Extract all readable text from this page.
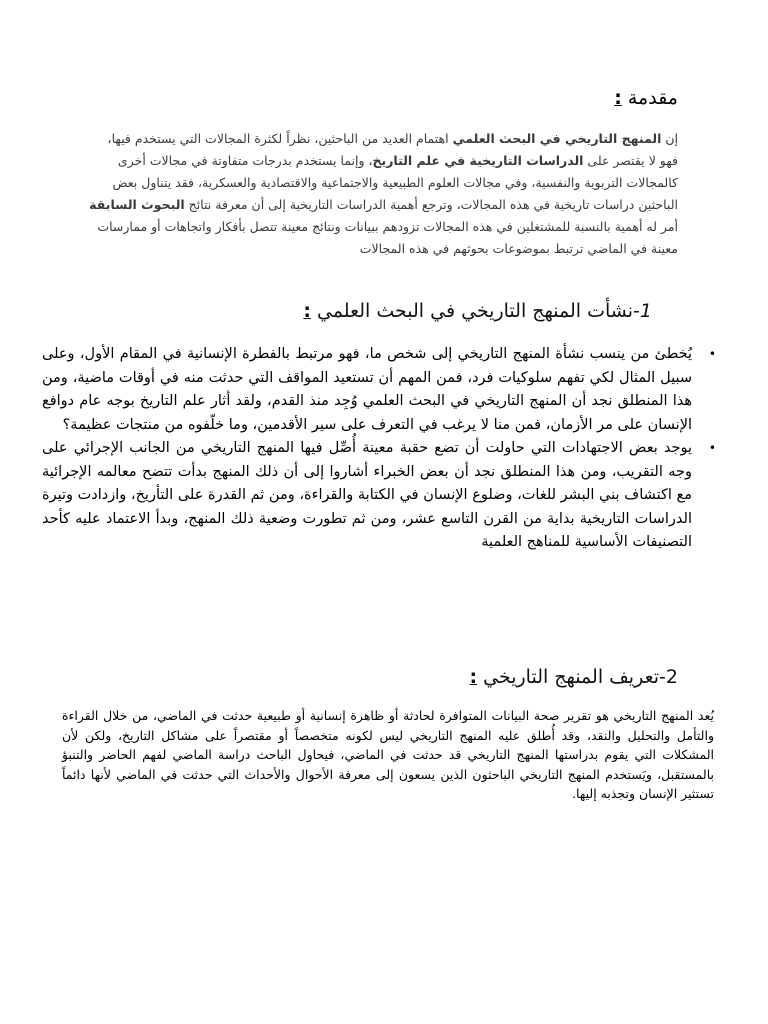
مقدمة :
إن المنهج التاريخي في البحث العلمي اهتمام العديد من الباحثين، نظراً لكثرة المجالات التي يستخدم فيها، فهو لا يقتصر على الدراسات التاريخية في علم التاريخ، وإنما يستخدم بدرجات متفاوتة في مجالات أخرى كالمجالات التربوية والنفسية، وفي مجالات العلوم الطبيعية والاجتماعية والاقتصادية والعسكرية، فقد يتناول بعض الباحثين دراسات تاريخية في هذه المجالات، وترجع أهمية الدراسات التاريخية إلى أن معرفة نتائج البحوث السابقة أمر له أهمية بالنسبة للمشتغلين في هذه المجالات تزودهم ببيانات ونتائج معينة تتصل بأفكار واتجاهات أو ممارسات معينة في الماضي ترتبط بموضوعات بحوثهم في هذه المجالات
1-نشأت المنهج التاريخي في البحث العلمي :
•
يُخطئ من ينسب نشأة المنهج التاريخي إلى شخص ما، فهو مرتبط بالفطرة الإنسانية في المقام الأول، وعلى سبيل المثال لكي تفهم سلوكيات فرد، فمن المهم أن تستعيد المواقف التي حدثت منه في أوقات ماضية، ومن هذا المنطلق نجد أن المنهج التاريخي في البحث العلمي وُجِد منذ القدم، ولقد أثار علم التاريخ بوجه عام دوافع الإنسان على مر الأزمان، فمن منا لا يرغب في التعرف على سير الأقدمين، وما خلّفوه من منتجات عظيمة؟
•
يوجد بعض الاجتهادات التي حاولت أن تضع حقبة معينة أُصِّل فيها المنهج التاريخي من الجانب الإجرائي على وجه التقريب، ومن هذا المنطلق نجد أن بعض الخبراء أشاروا إلى أن ذلك المنهج بدأت تتضح معالمه الإجرائية مع اكتشاف بني البشر للغات، وضلوع الإنسان في الكتابة والقراءة، ومن ثم القدرة على التأريخ، وازدادت وتيرة الدراسات التاريخية بداية من القرن التاسع عشر، ومن ثم تطورت وضعية ذلك المنهج، وبدأ الاعتماد عليه كأحد التصنيفات الأساسية للمناهج العلمية
2-تعريف المنهج التاريخي :
يُعد المنهج التاريخي هو تقرير صحة البيانات المتوافرة لحادثة أو ظاهرة إنسانية أو طبيعية حدثت في الماضي، من خلال القراءة والتأمل والتحليل والنقد، وقد أُطلق عليه المنهج التاريخي ليس لكونه متخصصاً أو مقتصراً على مشاكل التاريخ، ولكن لأن المشكلات التي يقوم بدراستها المنهج التاريخي قد حدثت في الماضي، فيحاول الباحث دراسة الماضي لفهم الحاضر والتنبؤ بالمستقبل، ويَستخدم المنهج التاريخي الباحثون الذين يسعون إلى معرفة الأحوال والأحداث التي حدثت في الماضي لأنها دائماً تستثير الإنسان وتجذبه إليها.
